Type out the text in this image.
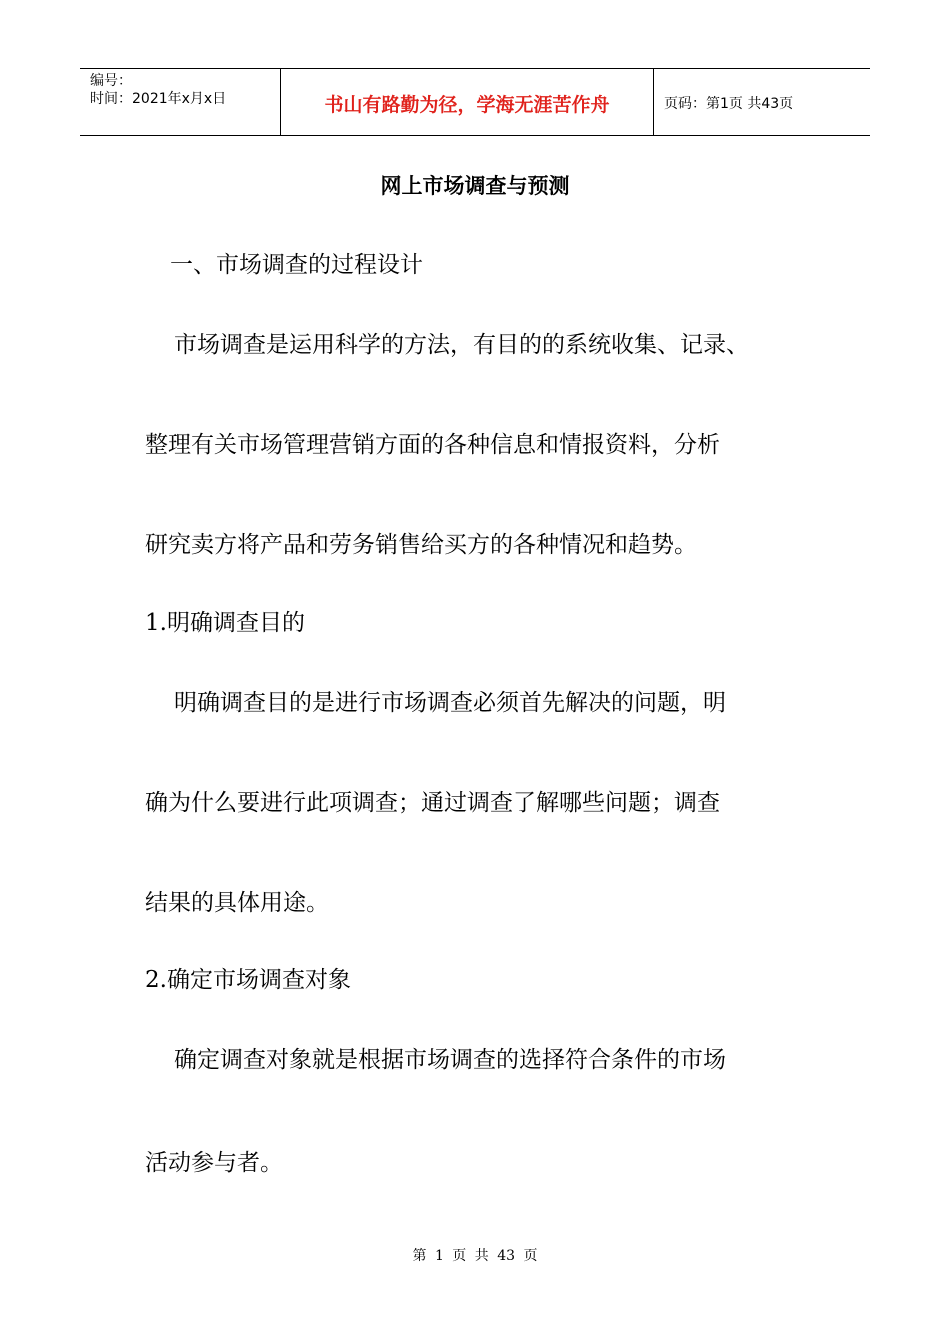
编号：
时间：2021年x月x日	书山有路勤为径，学海无涯苦作舟	页码：第1页 共43页
网上市场调查与预测
一、市场调查的过程设计
市场调查是运用科学的方法，有目的的系统收集、记录、
整理有关市场管理营销方面的各种信息和情报资料，分析
研究卖方将产品和劳务销售给买方的各种情况和趋势。
1.明确调查目的
明确调查目的是进行市场调查必须首先解决的问题，明
确为什么要进行此项调查；通过调查了解哪些问题；调查
结果的具体用途。
2.确定市场调查对象
确定调查对象就是根据市场调查的选择符合条件的市场
活动参与者。
第 1 页 共 43 页
